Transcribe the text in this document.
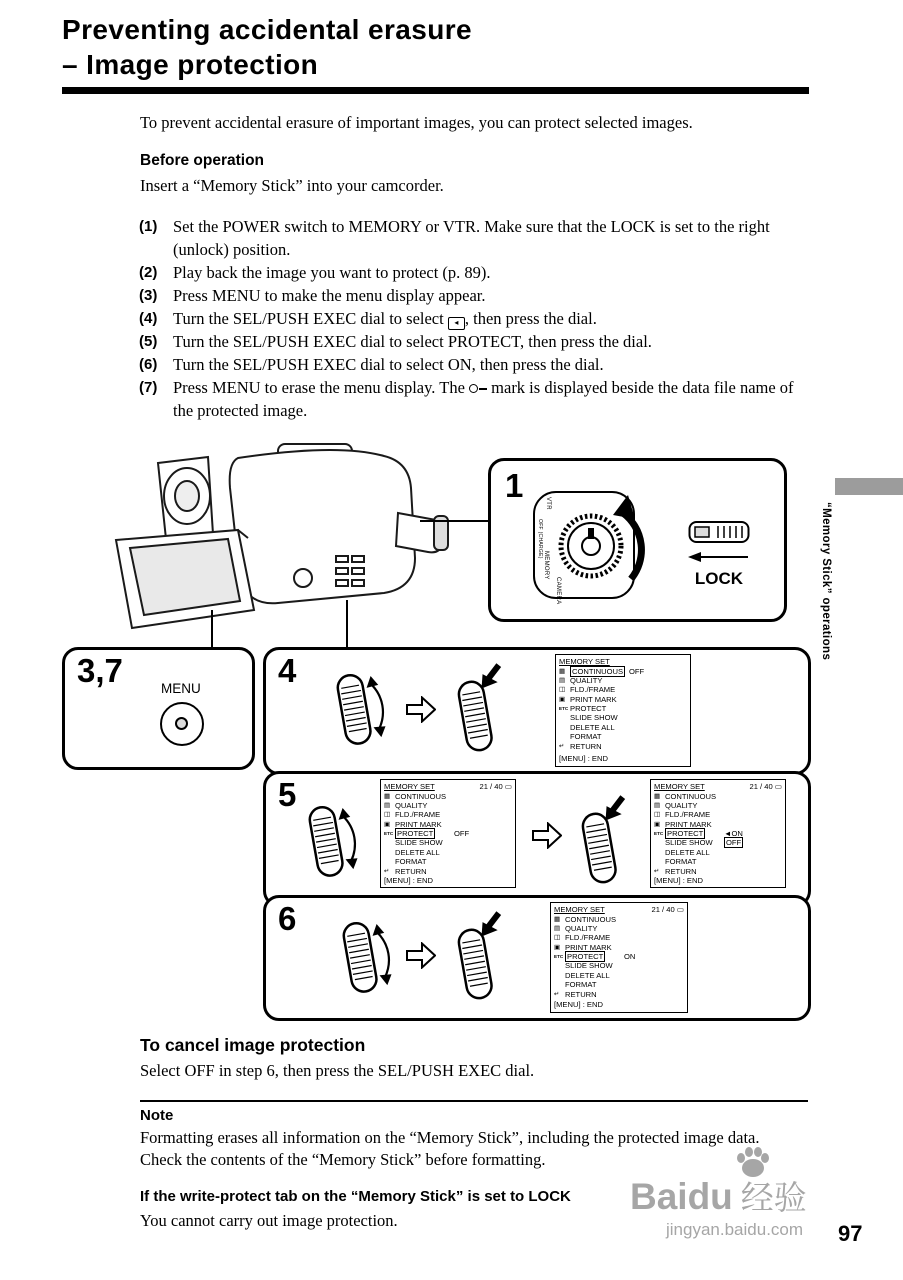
Preventing accidental erasure
– Image protection
To prevent accidental erasure of important images, you can protect selected images.
Before operation
Insert a “Memory Stick” into your camcorder.
(1) Set the POWER switch to MEMORY or VTR. Make sure that the LOCK is set to the right (unlock) position.
(2) Play back the image you want to protect (p. 89).
(3) Press MENU to make the menu display appear.
(4) Turn the SEL/PUSH EXEC dial to select ◂ , then press the dial.
(5) Turn the SEL/PUSH EXEC dial to select PROTECT, then press the dial.
(6) Turn the SEL/PUSH EXEC dial to select ON, then press the dial.
(7) Press MENU to erase the menu display. The  mark is displayed beside the data file name of the protected image.
1	VTR
OFF (CHARGE)
MEMORY
CAMERA	LOCK
3,7	MENU 4	MEMORY SET
▦ CONTINUOUS OFF
▤ QUALITY
◫ FLD./FRAME
▣ PRINT MARK
ETC PROTECT
SLIDE SHOW
DELETE ALL
FORMAT
↵ RETURN
[MENU] : END
5	MEMORY SET	21 / 40 ▭
▦ CONTINUOUS
▤ QUALITY
◫ FLD./FRAME
▣ PRINT MARK
ETC PROTECT	OFF
SLIDE SHOW
DELETE ALL
FORMAT
↵ RETURN
[MENU] : END
MEMORY SET	21 / 40 ▭
▦ CONTINUOUS
▤ QUALITY
◫ FLD./FRAME
▣ PRINT MARK
ETC PROTECT	◄ON
SLIDE SHOW	OFF
DELETE ALL
FORMAT
↵ RETURN
[MENU] : END
6	MEMORY SET	21 / 40 ▭
▦ CONTINUOUS
▤ QUALITY
◫ FLD./FRAME
▣ PRINT MARK
ETC PROTECT	ON
SLIDE SHOW
DELETE ALL
FORMAT
↵ RETURN
[MENU] : END
“Memory Stick” operations
To cancel image protection
Select OFF in step 6, then press the SEL/PUSH EXEC dial.
Note
Formatting erases all information on the “Memory Stick”, including the protected image data. Check the contents of the “Memory Stick” before formatting.
If the write-protect tab on the “Memory Stick” is set to LOCK
You cannot carry out image protection.
Baidu 经验
jingyan.baidu.com 97
